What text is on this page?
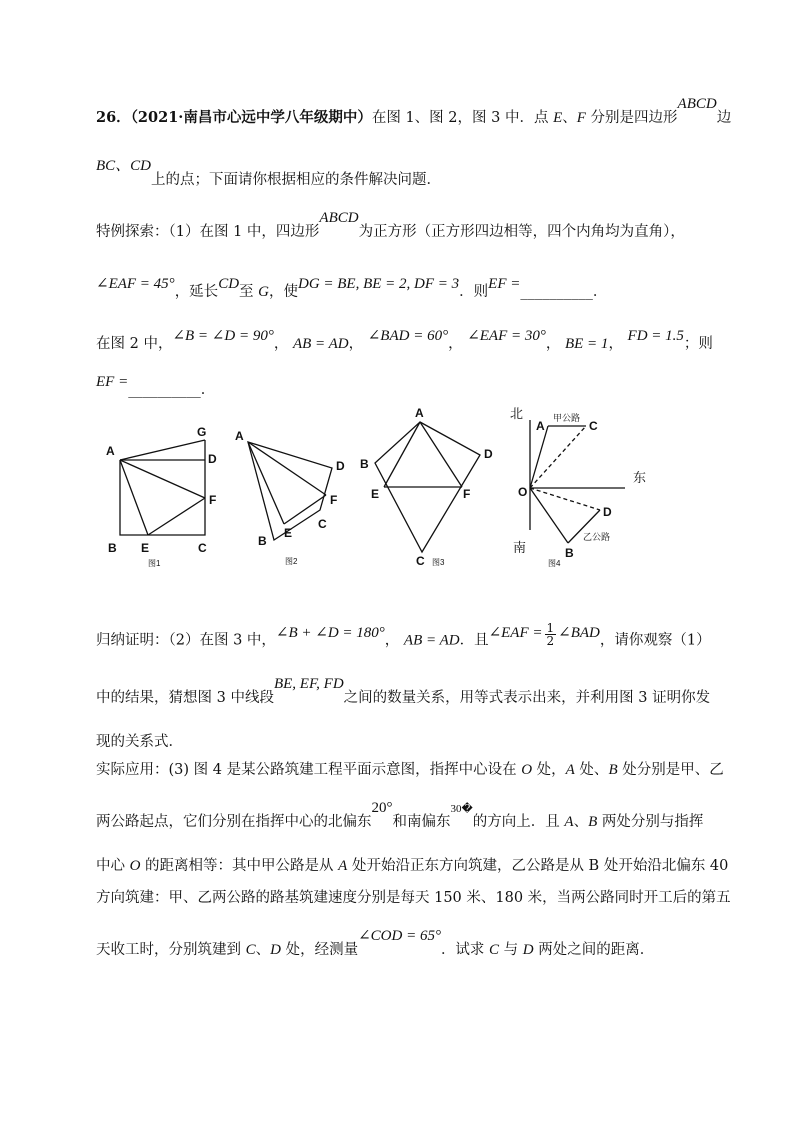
26．（2021·南昌市心远中学八年级期中）在图 1、图 2，图 3 中．点 E、F 分别是四边形ABCD边
BC、CD上的点；下面请你根据相应的条件解决问题．
特例探索：（1）在图 1 中，四边形ABCD为正方形（正方形四边相等，四个内角均为直角），
∠EAF = 45°，延长CD至 G，使DG = BE, BE = 2, DF = 3．则EF =__________．
在图 2 中，∠B = ∠D = 90°， AB = AD， ∠BAD = 60°， ∠EAF = 30°， BE = 1， FD = 1.5；则
EF =__________．
A
G
D
F
B E	C
图1
A
D
F
C
E
B
图2
A
B
D
E	F
C 图3
北
东
南
O
A	C
D
B
甲公路
乙公路
图4
归纳证明：（2）在图 3 中，∠B + ∠D = 180°， AB = AD．且∠EAF = $\frac{1}{2}$ ∠BAD，请你观察（1）
中的结果，猜想图 3 中线段BE, EF, FD之间的数量关系，用等式表示出来，并利用图 3 证明你发
现的关系式．
实际应用：(3) 图 4 是某公路筑建工程平面示意图，指挥中心设在 O 处，A 处、B 处分别是甲、乙
两公路起点，它们分别在指挥中心的北偏东20°和南偏东$^{30�}$的方向上．且 A、B 两处分别与指挥
中心 O 的距离相等：其中甲公路是从 A 处开始沿正东方向筑建，乙公路是从 B 处开始沿北偏东 40
方向筑建：甲、乙两公路的路基筑建速度分别是每天 150 米、180 米，当两公路同时开工后的第五
天收工时，分别筑建到 C、D 处，经测量∠COD = 65°．试求 C 与 D 两处之间的距离．
